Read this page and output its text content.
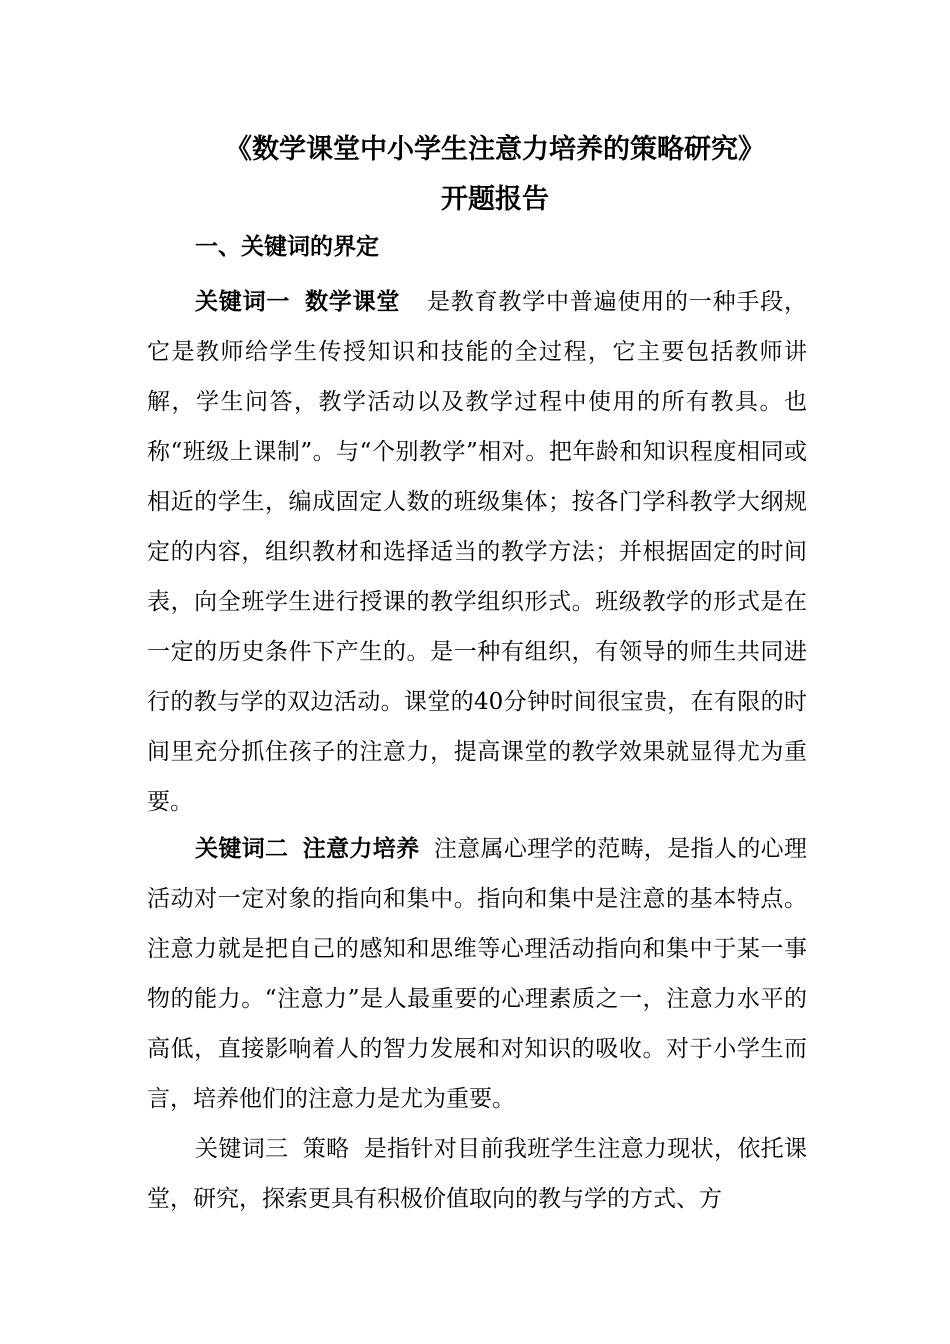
《数学课堂中小学生注意力培养的策略研究》
开题报告
一、关键词的界定

关键词一 数学课堂 是教育教学中普遍使用的一种手段，它是教师给学生传授知识和技能的全过程，它主要包括教师讲解，学生问答，教学活动以及教学过程中使用的所有教具。也称“班级上课制”。与“个别教学”相对。把年龄和知识程度相同或相近的学生，编成固定人数的班级集体；按各门学科教学大纲规定的内容，组织教材和选择适当的教学方法；并根据固定的时间表，向全班学生进行授课的教学组织形式。班级教学的形式是在一定的历史条件下产生的。是一种有组织，有领导的师生共同进行的教与学的双边活动。课堂的40分钟时间很宝贵，在有限的时间里充分抓住孩子的注意力，提高课堂的教学效果就显得尤为重要。

关键词二 注意力培养 注意属心理学的范畴，是指人的心理活动对一定对象的指向和集中。指向和集中是注意的基本特点。注意力就是把自己的感知和思维等心理活动指向和集中于某一事物的能力。“注意力”是人最重要的心理素质之一，注意力水平的高低，直接影响着人的智力发展和对知识的吸收。对于小学生而言，培养他们的注意力是尤为重要。

关键词三 策略 是指针对目前我班学生注意力现状，依托课堂，研究，探索更具有积极价值取向的教与学的方式、方
